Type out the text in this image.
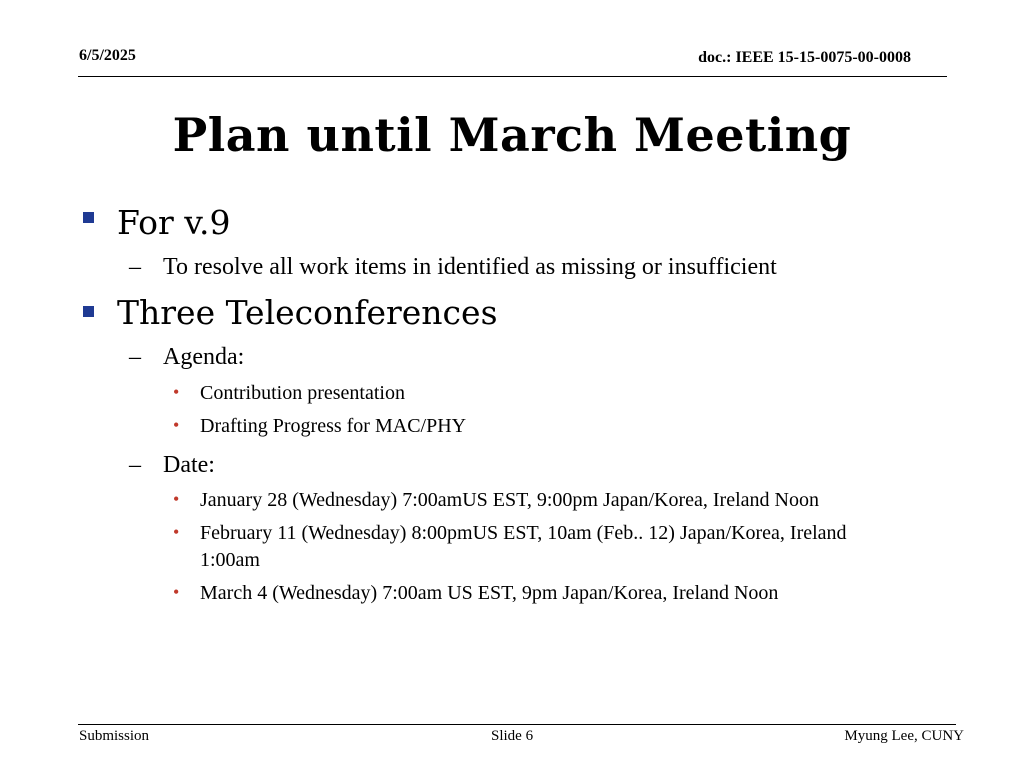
6/5/2025	doc.: IEEE 15-15-0075-00-0008
Plan until March Meeting
For v.9
– To resolve all work items in identified as missing or insufficient
Three Teleconferences
– Agenda:
• Contribution presentation
• Drafting Progress for MAC/PHY
– Date:
• January 28 (Wednesday) 7:00amUS EST, 9:00pm Japan/Korea, Ireland Noon
• February 11 (Wednesday) 8:00pmUS EST, 10am (Feb.. 12) Japan/Korea, Ireland 1:00am
• March 4 (Wednesday) 7:00am US EST, 9pm Japan/Korea, Ireland Noon
Submission	Slide 6	Myung Lee, CUNY
